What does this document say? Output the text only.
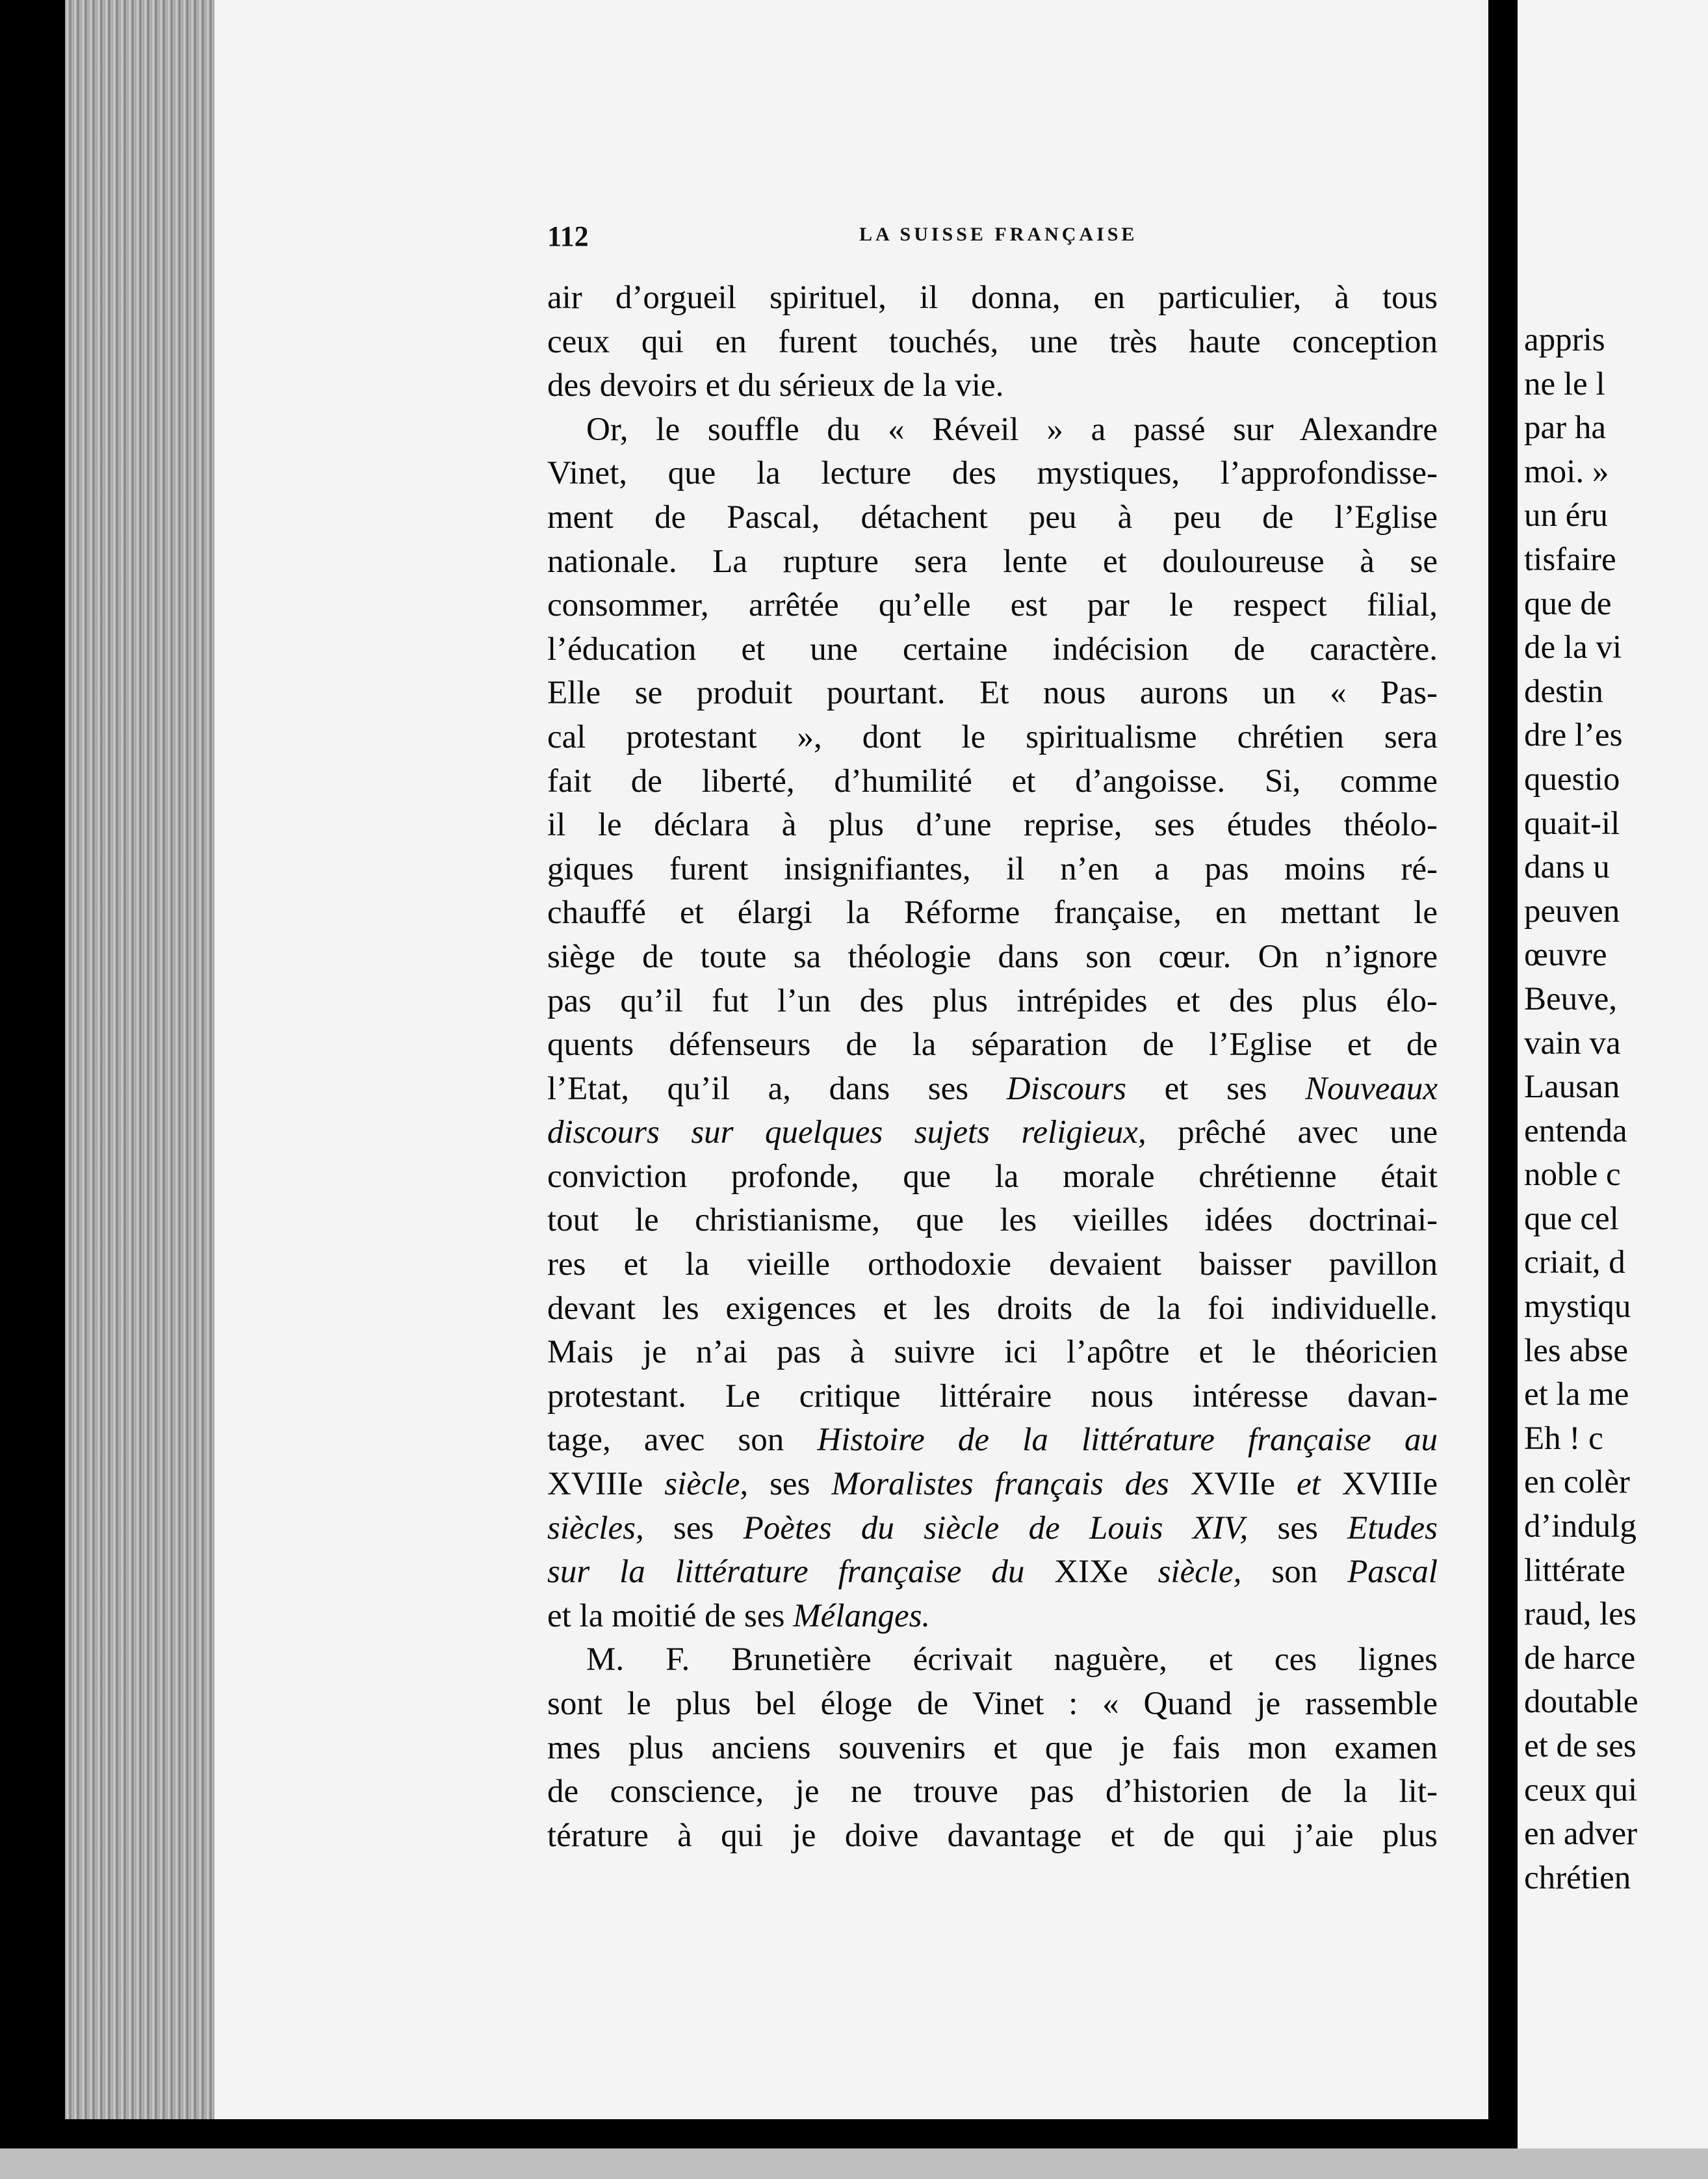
112	LA SUISSE FRANÇAISE
air d’orgueil spirituel, il donna, en particulier, à tous
ceux qui en furent touchés, une très haute conception
des devoirs et du sérieux de la vie.
Or, le souffle du « Réveil » a passé sur Alexandre
Vinet, que la lecture des mystiques, l’approfondisse-
ment de Pascal, détachent peu à peu de l’Eglise
nationale. La rupture sera lente et douloureuse à se
consommer, arrêtée qu’elle est par le respect filial,
l’éducation et une certaine indécision de caractère.
Elle se produit pourtant. Et nous aurons un « Pas-
cal protestant », dont le spiritualisme chrétien sera
fait de liberté, d’humilité et d’angoisse. Si, comme
il le déclara à plus d’une reprise, ses études théolo-
giques furent insignifiantes, il n’en a pas moins ré-
chauffé et élargi la Réforme française, en mettant le
siège de toute sa théologie dans son cœur. On n’ignore
pas qu’il fut l’un des plus intrépides et des plus élo-
quents défenseurs de la séparation de l’Eglise et de
l’Etat, qu’il a, dans ses Discours et ses Nouveaux
discours sur quelques sujets religieux, prêché avec une
conviction profonde, que la morale chrétienne était
tout le christianisme, que les vieilles idées doctrinai-
res et la vieille orthodoxie devaient baisser pavillon
devant les exigences et les droits de la foi individuelle.
Mais je n’ai pas à suivre ici l’apôtre et le théoricien
protestant. Le critique littéraire nous intéresse davan-
tage, avec son Histoire de la littérature française au
XVIIIe siècle, ses Moralistes français des XVIIe et XVIIIe
siècles, ses Poètes du siècle de Louis XIV, ses Etudes
sur la littérature française du XIXe siècle, son Pascal
et la moitié de ses Mélanges.
M. F. Brunetière écrivait naguère, et ces lignes
sont le plus bel éloge de Vinet : « Quand je rassemble
mes plus anciens souvenirs et que je fais mon examen
de conscience, je ne trouve pas d’historien de la lit-
térature à qui je doive davantage et de qui j’aie plus
appris
ne le l
par ha
moi. »
un éru
tisfaire
que de
de la vi
destin
dre l’es
questio
quait-il
dans u
peuven
œuvre
Beuve,
vain va
Lausan
entenda
noble c
que cel
criait, d
mystiqu
les abse
et la me
Eh ! c
en colèr
d’indulg
littérate
raud, les
de harce
doutable
et de ses
ceux qui
en adver
chrétien
